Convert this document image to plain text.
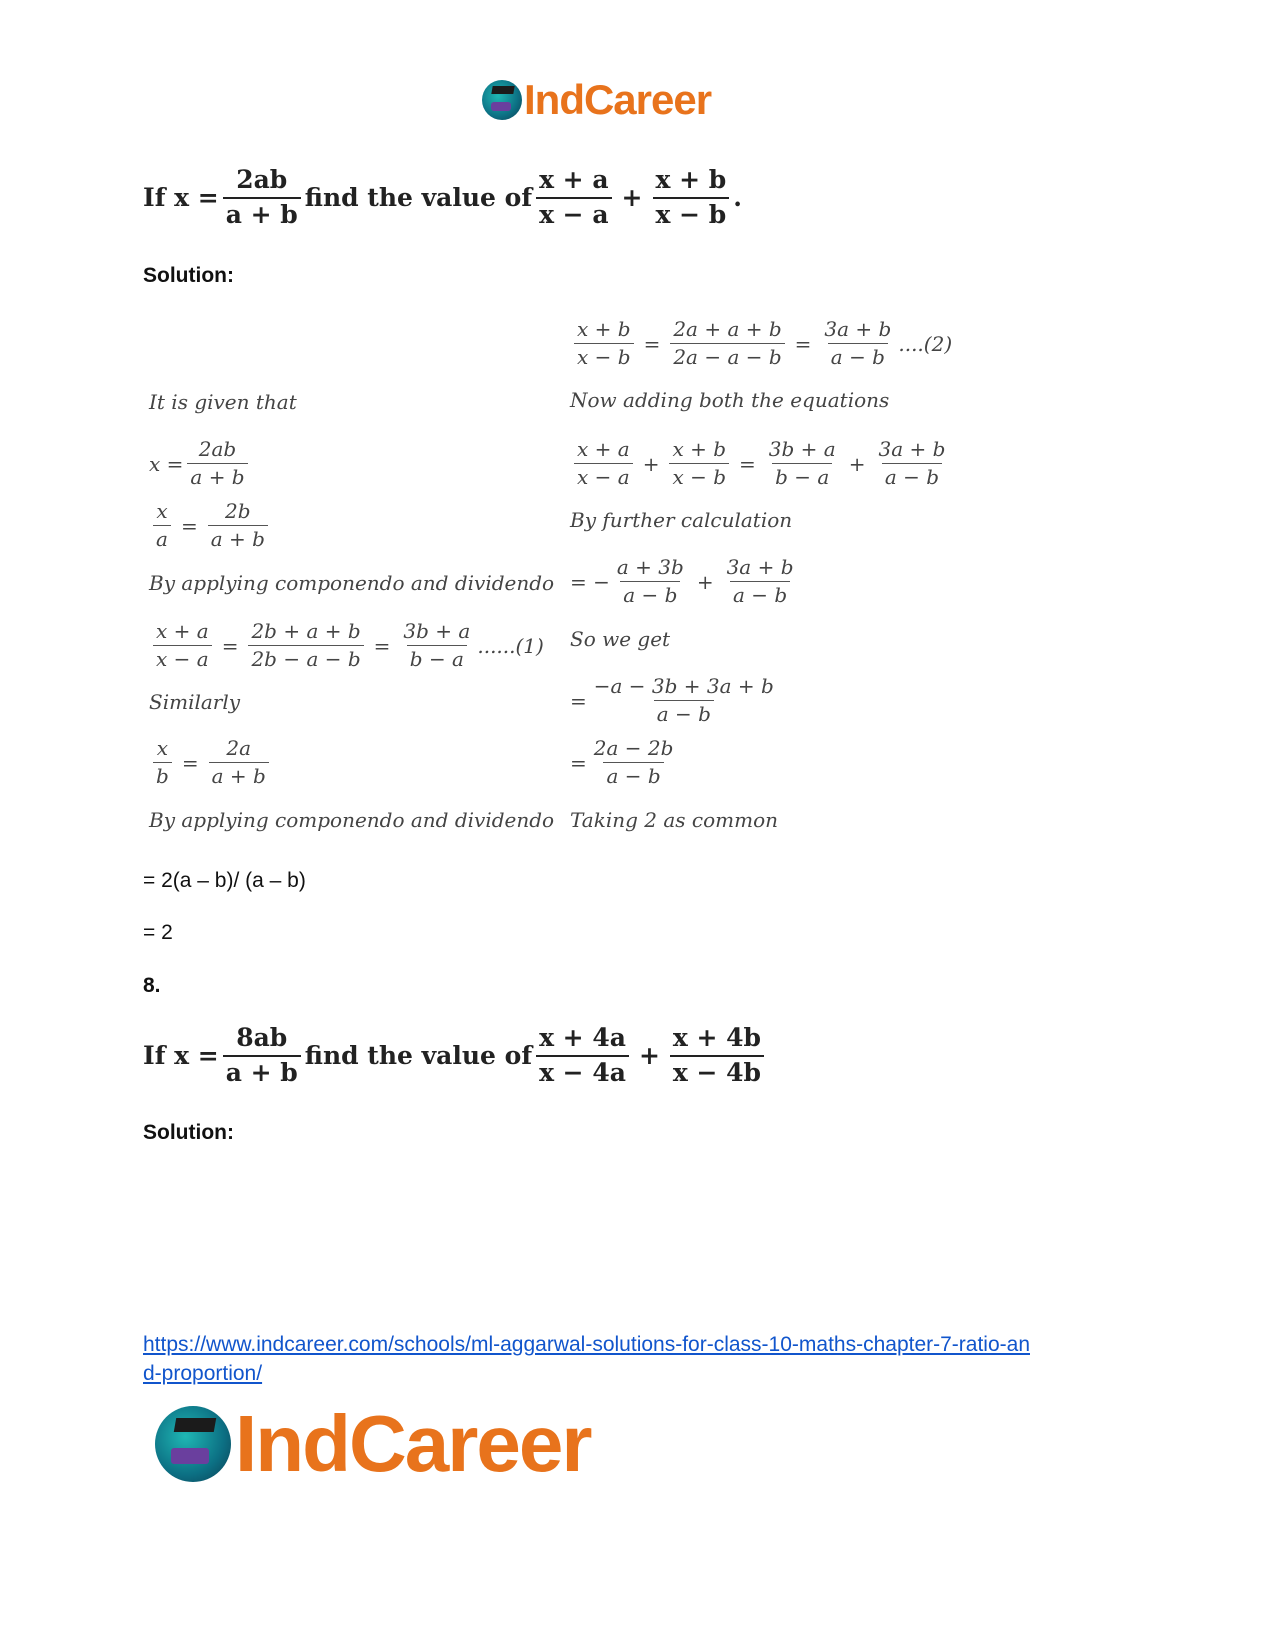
IndCareer
If $x = \frac{2ab}{a + b}$ find the value of $\frac{x + a}{x - a} + \frac{x + b}{x - b}$ .
Solution:
It is given that
$x = \frac{2ab}{a + b}$
$\frac{x}{a} = \frac{2b}{a + b}$
By applying componendo and dividendo
$\frac{x + a}{x - a} = \frac{2b + a + b}{2b - a - b} = \frac{3b + a}{b - a} ......(1)$
Similarly
$\frac{x}{b} = \frac{2a}{a + b}$
By applying componendo and dividendo
$\frac{x + b}{x - b} = \frac{2a + a + b}{2a - a - b} = \frac{3a + b}{a - b} ....(2)$
Now adding both the equations
$\frac{x + a}{x - a} + \frac{x + b}{x - b} = \frac{3b + a}{b - a} + \frac{3a + b}{a - b}$
By further calculation
= − $\frac{a + 3b}{a - b} + \frac{3a + b}{a - b}$
So we get
= $\frac{-a - 3b + 3a + b}{a - b}$
= $\frac{2a - 2b}{a - b}$
Taking 2 as common
= 2(a – b)/ (a – b)
= 2
8.
If $x = \frac{8ab}{a + b}$ find the value of $\frac{x + 4a}{x - 4a} + \frac{x + 4b}{x - 4b}$
Solution:
https://www.indcareer.com/schools/ml-aggarwal-solutions-for-class-10-maths-chapter-7-ratio-an
d-proportion/
IndCareer
